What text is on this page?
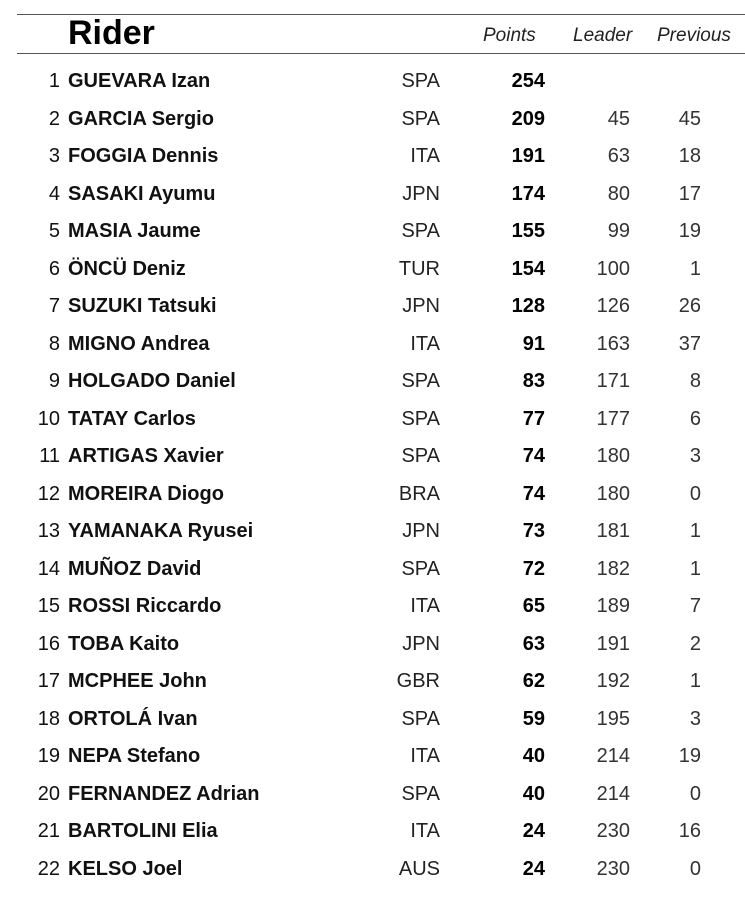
Rider	Points Leader Previous
1 GUEVARA Izan	SPA	254
2 GARCIA Sergio	SPA	209	45 45
3 FOGGIA Dennis	ITA	191	63 18
4 SASAKI Ayumu	JPN	174	80 17
5 MASIA Jaume	SPA	155	99 19
6 ÖNCÜ Deniz	TUR	154	100	1
7 SUZUKI Tatsuki	JPN	128	126 26
8 MIGNO Andrea	ITA	91	163 37
9 HOLGADO Daniel	SPA	83	171	8
10 TATAY Carlos	SPA	77	177	6
11 ARTIGAS Xavier	SPA	74	180	3
12 MOREIRA Diogo	BRA	74	180	0
13 YAMANAKA Ryusei	JPN	73	181	1
14 MUÑOZ David	SPA	72	182	1
15 ROSSI Riccardo	ITA	65	189	7
16 TOBA Kaito	JPN	63	191	2
17 MCPHEE John	GBR	62	192	1
18 ORTOLÁ Ivan	SPA	59	195	3
19 NEPA Stefano	ITA	40	214 19
20 FERNANDEZ Adrian	SPA	40	214	0
21 BARTOLINI Elia	ITA	24	230 16
22 KELSO Joel	AUS	24	230	0
